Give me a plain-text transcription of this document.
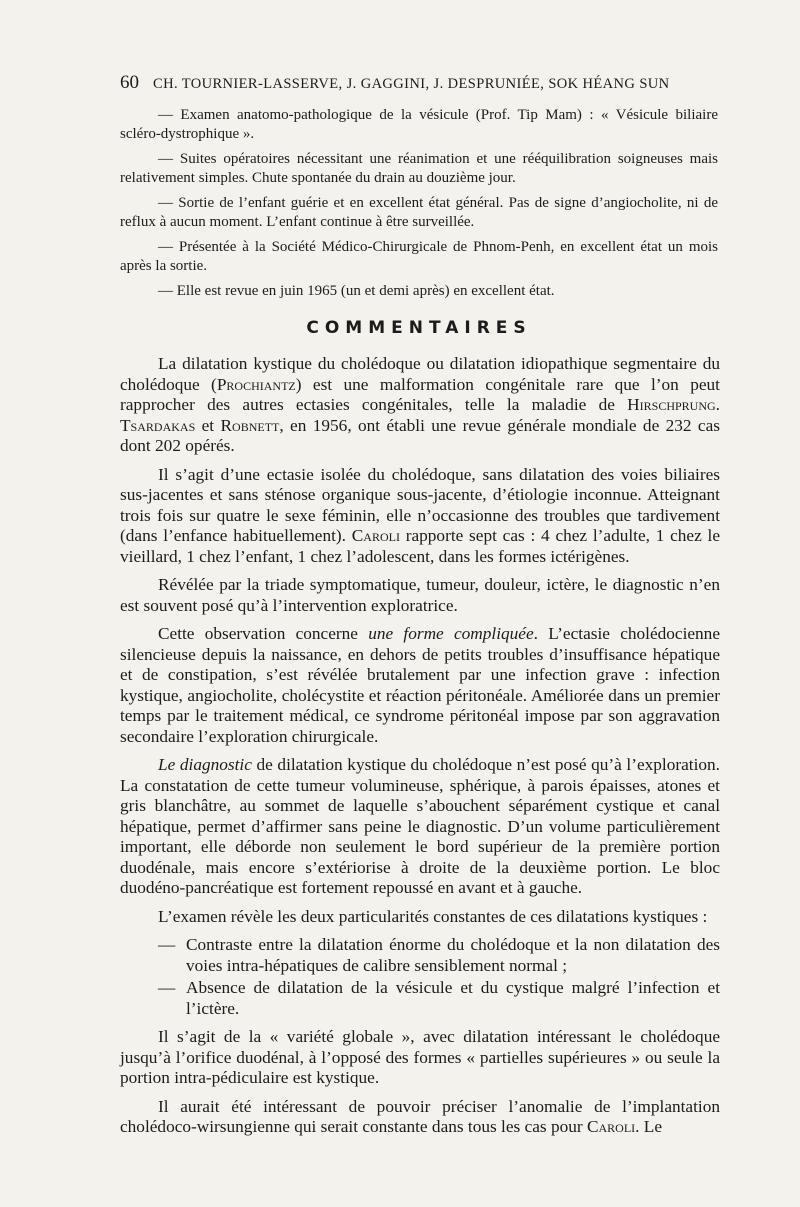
60 CH. TOURNIER-LASSERVE, J. GAGGINI, J. DESPRUNIÉE, SOK HÉANG SUN

— Examen anatomo-pathologique de la vésicule (Prof. Tip Mam) : « Vésicule biliaire scléro-dystrophique ».

— Suites opératoires nécessitant une réanimation et une rééquilibration soigneuses mais relativement simples. Chute spontanée du drain au douzième jour.

— Sortie de l’enfant guérie et en excellent état général. Pas de signe d’angiocholite, ni de reflux à aucun moment. L’enfant continue à être surveillée.

— Présentée à la Société Médico-Chirurgicale de Phnom-Penh, en excellent état un mois après la sortie.

— Elle est revue en juin 1965 (un et demi après) en excellent état.

COMMENTAIRES

La dilatation kystique du cholédoque ou dilatation idiopathique segmentaire du cholédoque (Prochiantz) est une malformation congénitale rare que l’on peut rapprocher des autres ectasies congénitales, telle la maladie de Hirschprung. Tsardakas et Robnett, en 1956, ont établi une revue générale mondiale de 232 cas dont 202 opérés.

Il s’agit d’une ectasie isolée du cholédoque, sans dilatation des voies biliaires sus-jacentes et sans sténose organique sous-jacente, d’étiologie inconnue. Atteignant trois fois sur quatre le sexe féminin, elle n’occasionne des troubles que tardivement (dans l’enfance habituellement). Caroli rapporte sept cas : 4 chez l’adulte, 1 chez le vieillard, 1 chez l’enfant, 1 chez l’adolescent, dans les formes ictérigènes.

Révélée par la triade symptomatique, tumeur, douleur, ictère, le diagnostic n’en est souvent posé qu’à l’intervention exploratrice.

Cette observation concerne une forme compliquée. L’ectasie cholédocienne silencieuse depuis la naissance, en dehors de petits troubles d’insuffisance hépatique et de constipation, s’est révélée brutalement par une infection grave : infection kystique, angiocholite, cholécystite et réaction péritonéale. Améliorée dans un premier temps par le traitement médical, ce syndrome péritonéal impose par son aggravation secondaire l’exploration chirurgicale.

Le diagnostic de dilatation kystique du cholédoque n’est posé qu’à l’exploration. La constatation de cette tumeur volumineuse, sphérique, à parois épaisses, atones et gris blanchâtre, au sommet de laquelle s’abouchent séparément cystique et canal hépatique, permet d’affirmer sans peine le diagnostic. D’un volume particulièrement important, elle déborde non seulement le bord supérieur de la première portion duodénale, mais encore s’extériorise à droite de la deuxième portion. Le bloc duodéno-pancréatique est fortement repoussé en avant et à gauche.

L’examen révèle les deux particularités constantes de ces dilatations kystiques :

— Contraste entre la dilatation énorme du cholédoque et la non dilatation des voies intra-hépatiques de calibre sensiblement normal ;
— Absence de dilatation de la vésicule et du cystique malgré l’infection et l’ictère.

Il s’agit de la « variété globale », avec dilatation intéressant le cholédoque jusqu’à l’orifice duodénal, à l’opposé des formes « partielles supérieures » ou seule la portion intra-pédiculaire est kystique.

Il aurait été intéressant de pouvoir préciser l’anomalie de l’implantation cholédoco-wirsungienne qui serait constante dans tous les cas pour Caroli. Le
